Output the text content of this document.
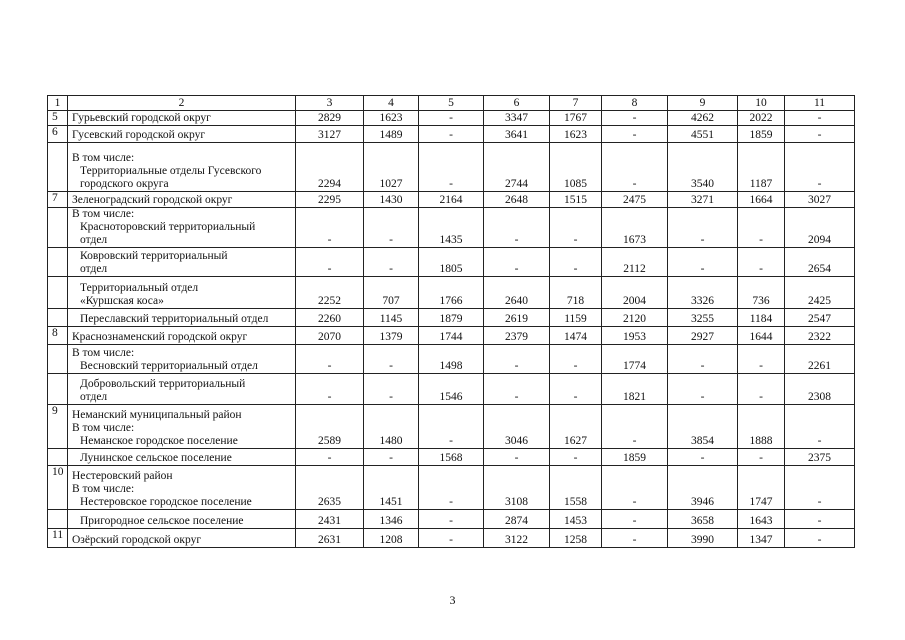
1	2	3	4	5	6	7	8	9	10	11
5	Гурьевский городской округ	2829	1623	-	3347	1767	-	4262	2022	-
6	Гусевский городской округ	3127	1489	-	3641	1623	-	4551	1859	-

	В том числе:
Территориальные отделы Гусевского
городского округа	2294	1027	-	2744	1085	-	3540	1187	-
7	Зеленоградский городской округ	2295	1430	2164	2648	1515	2475	3271	1664	3027

	В том числе:
Красноторовский территориальный
отдел	-	-	1435	-	-	1673	-	-	2094

	Ковровский территориальный
отдел	-	-	1805	-	-	2112	-	-	2654

	Территориальный отдел
«Куршская коса»	2252	707	1766	2640	718	2004	3326	736	2425

	Переславский территориальный отдел	2260	1145	1879	2619	1159	2120	3255	1184	2547
8	Краснознаменский городской округ	2070	1379	1744	2379	1474	1953	2927	1644	2322

	В том числе:
Весновский территориальный отдел	-	-	1498	-	-	1774	-	-	2261

	Добровольский территориальный
отдел	-	-	1546	-	-	1821	-	-	2308
9	Неманский муниципальный район
В том числе:
Неманское городское поселение	2589	1480	-	3046	1627	-	3854	1888	-

	Лунинское сельское поселение	-	-	1568	-	-	1859	-	-	2375
10	Нестеровский район
В том числе:
Нестеровское городское поселение	2635	1451	-	3108	1558	-	3946	1747	-

	Пригородное сельское поселение	2431	1346	-	2874	1453	-	3658	1643	-
11	Озёрский городской округ	2631	1208	-	3122	1258	-	3990	1347	-
3
